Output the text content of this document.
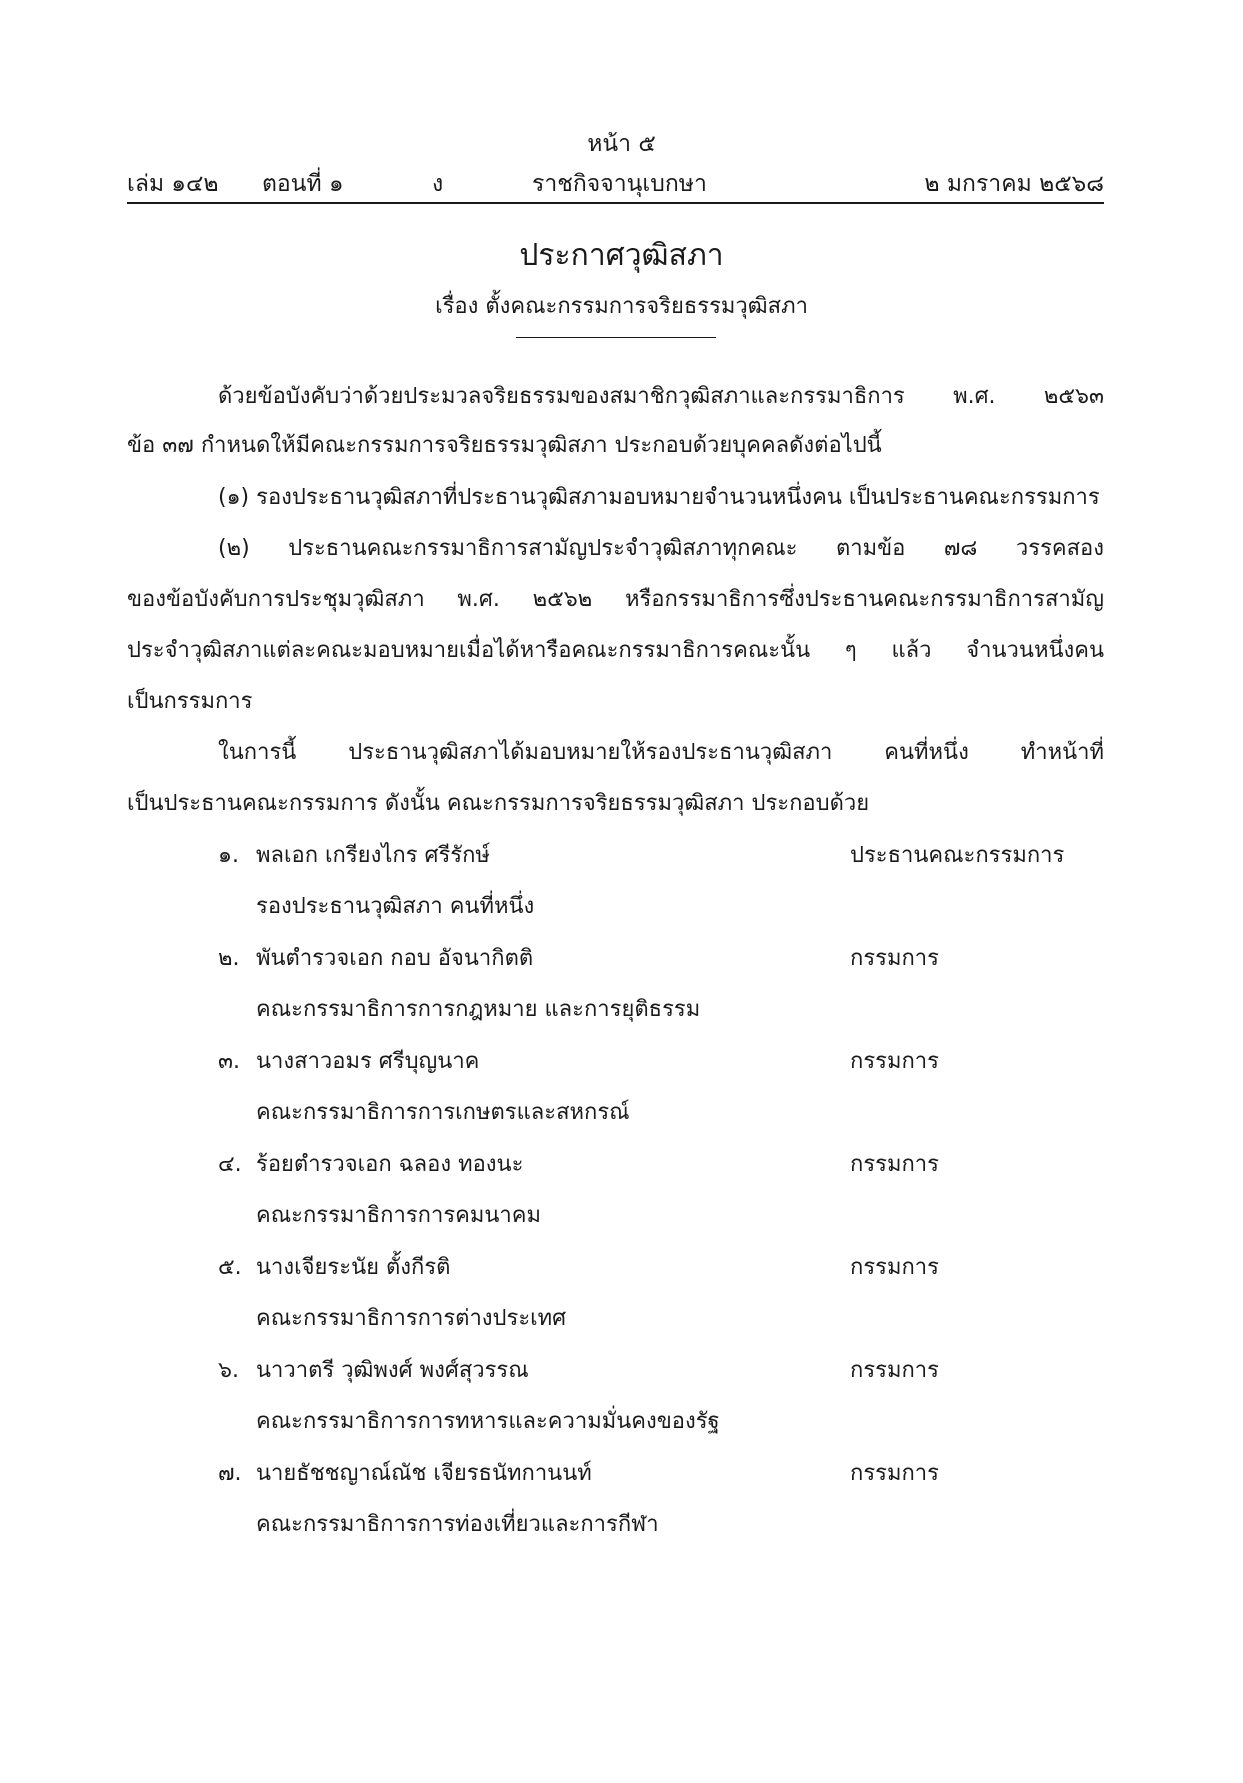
หน้า ๕
เล่ม ๑๔๒ ตอนที่ ๑	ง	ราชกิจจานุเบกษา	๒ มกราคม ๒๕๖๘
ประกาศวุฒิสภา
เรื่อง ตั้งคณะกรรมการจริยธรรมวุฒิสภา
ด้วยข้อบังคับว่าด้วยประมวลจริยธรรมของสมาชิกวุฒิสภาและกรรมาธิการ พ.ศ. ๒๕๖๓
ข้อ ๓๗ กำหนดให้มีคณะกรรมการจริยธรรมวุฒิสภา ประกอบด้วยบุคคลดังต่อไปนี้
(๑) รองประธานวุฒิสภาที่ประธานวุฒิสภามอบหมายจำนวนหนึ่งคน เป็นประธานคณะกรรมการ
(๒) ประธานคณะกรรมาธิการสามัญประจำวุฒิสภาทุกคณะ ตามข้อ ๗๘ วรรคสอง
ของข้อบังคับการประชุมวุฒิสภา พ.ศ. ๒๕๖๒ หรือกรรมาธิการซึ่งประธานคณะกรรมาธิการสามัญ
ประจำวุฒิสภาแต่ละคณะมอบหมายเมื่อได้หารือคณะกรรมาธิการคณะนั้น ๆ แล้ว จำนวนหนึ่งคน
เป็นกรรมการ
ในการนี้ ประธานวุฒิสภาได้มอบหมายให้รองประธานวุฒิสภา คนที่หนึ่ง ทำหน้าที่
เป็นประธานคณะกรรมการ ดังนั้น คณะกรรมการจริยธรรมวุฒิสภา ประกอบด้วย
๑. พลเอก เกรียงไกร ศรีรักษ์	ประธานคณะกรรมการ
รองประธานวุฒิสภา คนที่หนึ่ง
๒. พันตำรวจเอก กอบ อัจนากิตติ	กรรมการ
คณะกรรมาธิการการกฎหมาย และการยุติธรรม
๓. นางสาวอมร ศรีบุญนาค	กรรมการ
คณะกรรมาธิการการเกษตรและสหกรณ์
๔. ร้อยตำรวจเอก ฉลอง ทองนะ	กรรมการ
คณะกรรมาธิการการคมนาคม
๕. นางเจียระนัย ตั้งกีรติ	กรรมการ
คณะกรรมาธิการการต่างประเทศ
๖. นาวาตรี วุฒิพงศ์ พงศ์สุวรรณ	กรรมการ
คณะกรรมาธิการการทหารและความมั่นคงของรัฐ
๗. นายธัชชญาณ์ณัช เจียรธนัทกานนท์	กรรมการ
คณะกรรมาธิการการท่องเที่ยวและการกีฬา
